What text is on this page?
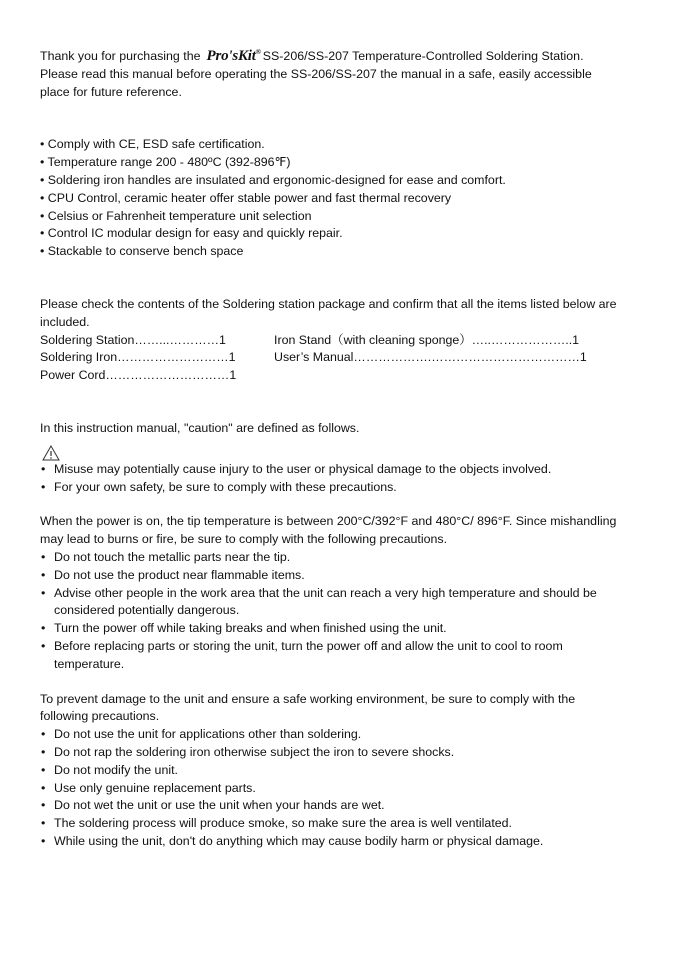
Thank you for purchasing the Pro'sKit® SS-206/SS-207 Temperature-Controlled Soldering Station.
Please read this manual before operating the SS-206/SS-207 the manual in a safe, easily accessible
place for future reference.
• Comply with CE, ESD safe certification.
• Temperature range 200 - 480ºC (392-896℉)
• Soldering iron handles are insulated and ergonomic-designed for ease and comfort.
• CPU Control, ceramic heater offer stable power and fast thermal recovery
• Celsius or Fahrenheit temperature unit selection
• Control IC modular design for easy and quickly repair.
• Stackable to conserve bench space
Please check the contents of the Soldering station package and confirm that all the items listed below are
included.
Soldering Station……...…………1	Iron Stand（with cleaning sponge）…..………………..1
Soldering Iron………………………1	User’s Manual……………….………………………………1
Power Cord…………………………1
In this instruction manual, "caution" are defined as follows.
• Misuse may potentially cause injury to the user or physical damage to the objects involved.
• For your own safety, be sure to comply with these precautions.
When the power is on, the tip temperature is between 200°C/392°F and 480°C/ 896°F. Since mishandling
may lead to burns or fire, be sure to comply with the following precautions.
• Do not touch the metallic parts near the tip.
• Do not use the product near flammable items.
• Advise other people in the work area that the unit can reach a very high temperature and should be considered potentially dangerous.
• Turn the power off while taking breaks and when finished using the unit.
• Before replacing parts or storing the unit, turn the power off and allow the unit to cool to room temperature.
To prevent damage to the unit and ensure a safe working environment, be sure to comply with the
following precautions.
• Do not use the unit for applications other than soldering.
• Do not rap the soldering iron otherwise subject the iron to severe shocks.
• Do not modify the unit.
• Use only genuine replacement parts.
• Do not wet the unit or use the unit when your hands are wet.
• The soldering process will produce smoke, so make sure the area is well ventilated.
• While using the unit, don't do anything which may cause bodily harm or physical damage.
